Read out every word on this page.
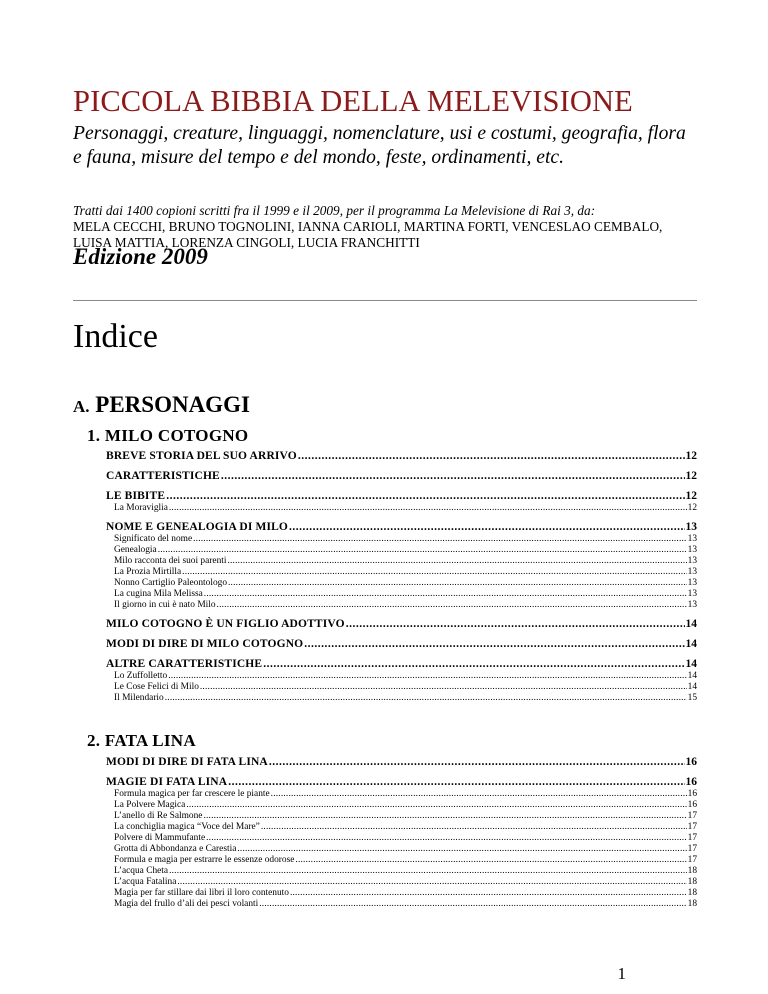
PICCOLA BIBBIA DELLA MELEVISIONE
Personaggi, creature, linguaggi, nomenclature, usi e costumi, geografia, flora e fauna, misure del tempo e del mondo, feste, ordinamenti, etc.
Tratti dai 1400 copioni scritti fra il 1999 e il 2009, per il programma La Melevisione di Rai 3, da:
MELA CECCHI, BRUNO TOGNOLINI, IANNA CARIOLI, MARTINA FORTI, VENCESLAO CEMBALO, LUISA MATTIA, LORENZA CINGOLI, LUCIA FRANCHITTI
Edizione 2009
Indice
A. PERSONAGGI
1. MILO COTOGNO
BREVE STORIA DEL SUO ARRIVO .....	12
CARATTERISTICHE .....	12
LE BIBITE .....	12
La Moraviglia .....	12
NOME E GENEALOGIA DI MILO .....	13
Significato del nome .....	13
Genealogia .....	13
Milo racconta dei suoi parenti .....	13
La Prozia Mirtilla .....	13
Nonno Cartiglio Paleontologo .....	13
La cugina Mila Melissa .....	13
Il giorno in cui è nato Milo .....	13
MILO COTOGNO È UN FIGLIO ADOTTIVO .....	14
MODI DI DIRE DI MILO COTOGNO .....	14
ALTRE CARATTERISTICHE .....	14
Lo Zuffolletto .....	14
Le Cose Felici di Milo .....	14
Il Milendario .....	15
2. FATA LINA
MODI DI DIRE DI FATA LINA .....	16
MAGIE DI FATA LINA .....	16
Formula magica per far crescere le piante .....	16
La Polvere Magica .....	16
L’anello di Re Salmone .....	17
La conchiglia magica “Voce del Mare” .....	17
Polvere di Mammufante .....	17
Grotta di Abbondanza e Carestia .....	17
Formula e magia per estrarre le essenze odorose .....	17
L’acqua Cheta .....	18
L’acqua Fatalina .....	18
Magia per far stillare dai libri il loro contenuto .....	18
Magia del frullo d’ali dei pesci volanti .....	18
1
